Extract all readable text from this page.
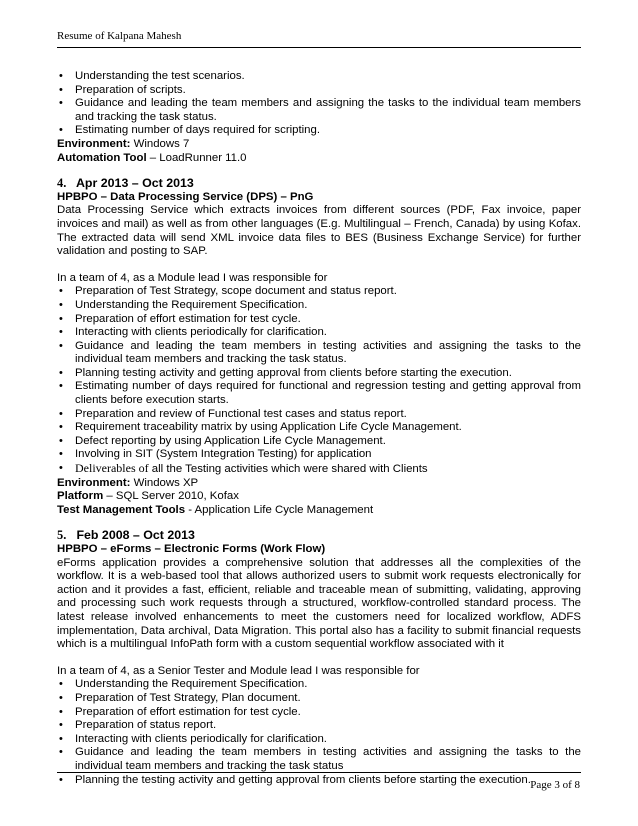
Resume of Kalpana Mahesh
• Understanding the test scenarios.
• Preparation of scripts.
• Guidance and leading the team members and assigning the tasks to the individual team members and tracking the task status.
• Estimating number of days required for scripting.
Environment: Windows 7
Automation Tool – LoadRunner 11.0
4. Apr 2013 – Oct 2013
HPBPO – Data Processing Service (DPS) – PnG
Data Processing Service which extracts invoices from different sources (PDF, Fax invoice, paper invoices and mail) as well as from other languages (E.g. Multilingual – French, Canada) by using Kofax. The extracted data will send XML invoice data files to BES (Business Exchange Service) for further validation and posting to SAP.
In a team of 4, as a Module lead I was responsible for
• Preparation of Test Strategy, scope document and status report.
• Understanding the Requirement Specification.
• Preparation of effort estimation for test cycle.
• Interacting with clients periodically for clarification.
• Guidance and leading the team members in testing activities and assigning the tasks to the individual team members and tracking the task status.
• Planning testing activity and getting approval from clients before starting the execution.
• Estimating number of days required for functional and regression testing and getting approval from clients before execution starts.
• Preparation and review of Functional test cases and status report.
• Requirement traceability matrix by using Application Life Cycle Management.
• Defect reporting by using Application Life Cycle Management.
• Involving in SIT (System Integration Testing) for application
• Deliverables of all the Testing activities which were shared with Clients
Environment: Windows XP
Platform – SQL Server 2010, Kofax
Test Management Tools - Application Life Cycle Management
5. Feb 2008 – Oct 2013
HPBPO – eForms – Electronic Forms (Work Flow)
eForms application provides a comprehensive solution that addresses all the complexities of the workflow. It is a web-based tool that allows authorized users to submit work requests electronically for action and it provides a fast, efficient, reliable and traceable mean of submitting, validating, approving and processing such work requests through a structured, workflow-controlled standard process. The latest release involved enhancements to meet the customers need for localized workflow, ADFS implementation, Data archival, Data Migration. This portal also has a facility to submit financial requests which is a multilingual InfoPath form with a custom sequential workflow associated with it
In a team of 4, as a Senior Tester and Module lead I was responsible for
• Understanding the Requirement Specification.
• Preparation of Test Strategy, Plan document.
• Preparation of effort estimation for test cycle.
• Preparation of status report.
• Interacting with clients periodically for clarification.
• Guidance and leading the team members in testing activities and assigning the tasks to the individual team members and tracking the task status
• Planning the testing activity and getting approval from clients before starting the execution. Page 3 of 8
